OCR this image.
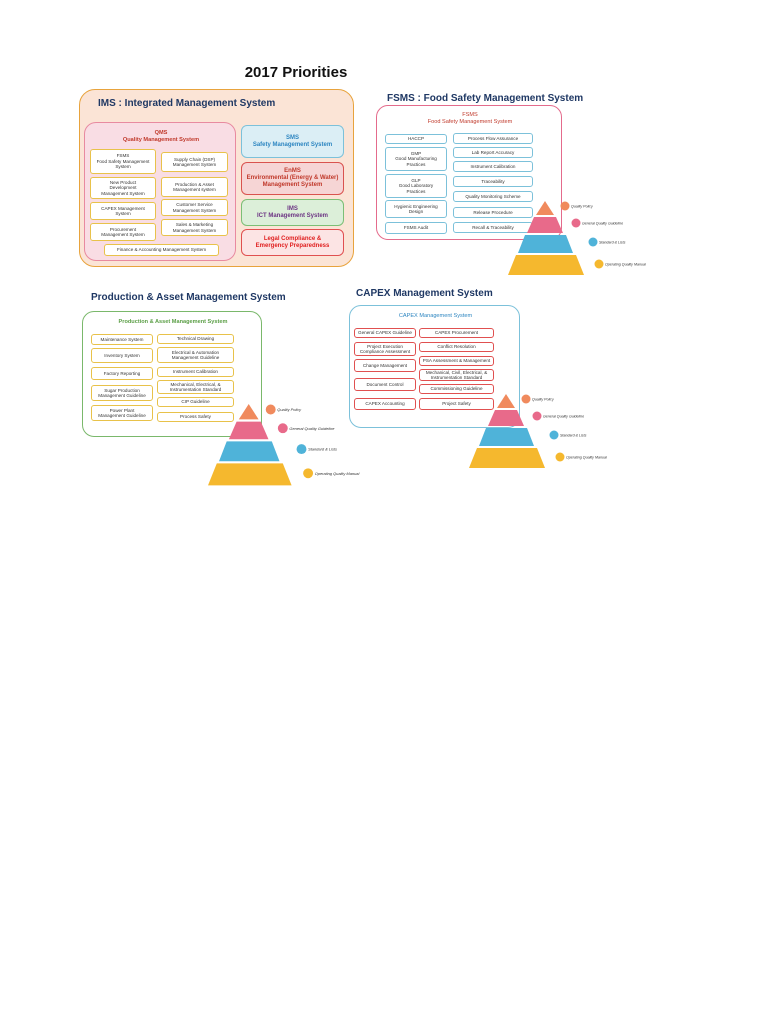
2017 Priorities
IMS : Integrated Management System
QMS
Quality Management System
FSMS
Food Safety Management
System
New Product
Development
Management System
CAPEX Management
System
Procurement
Management System
Supply Chain (DSP)
Management System
Production & Asset
Management system
Customer Service
Management System
Sales & Marketing
Management System
Finance & Accounting Management System
SMS
Safety Management System
EnMS
Environmental (Energy & Water)
Management System
IMS
ICT Management System
Legal Compliance &
Emergency Preparedness
FSMS : Food Safety Management System
FSMS
Food Safety Management System
HACCP
GMP
Good Manufacturing
Practices
GLP
Good Laboratory
Practices
Hygienic Engineering
Design
FSMS Audit
Process Flow Assurance
Lab Report Accuracy
Instrument Calibration
Traceability
Quality Monitoring Scheme
Release Procedure
Recall & Traceability
Production & Asset Management System
Production & Asset Management System
Maintenance System
Inventory System
Factory Reporting
Sugar Production
Management Guideline
Power Plant
Management Guideline
Technical Drawing
Electrical & Automation
Management Guideline
Instrument Calibration
Mechanical, Electrical, &
Instrumentation Standard
CIP Guideline
Process Safety
CAPEX Management System
CAPEX Management System
General CAPEX Guideline
Project Execution
Compliance Assessment
Change Management
Document Control
CAPEX Accounting
CAPEX Procurement
Conflict Resolution
PSA Assessment & Management
Mechanical, Civil, Electrical, &
Instrumentation Standard
Commissioning Guideline
Project Safety
Quality Policy
General Quality Guideline
Standard & Lists
Operating Quality Manual
Quality Policy
General Quality Guideline
Standard & Lists
Operating Quality Manual
Quality Policy
General Quality Guideline
Standard & Lists
Operating Quality Manual
